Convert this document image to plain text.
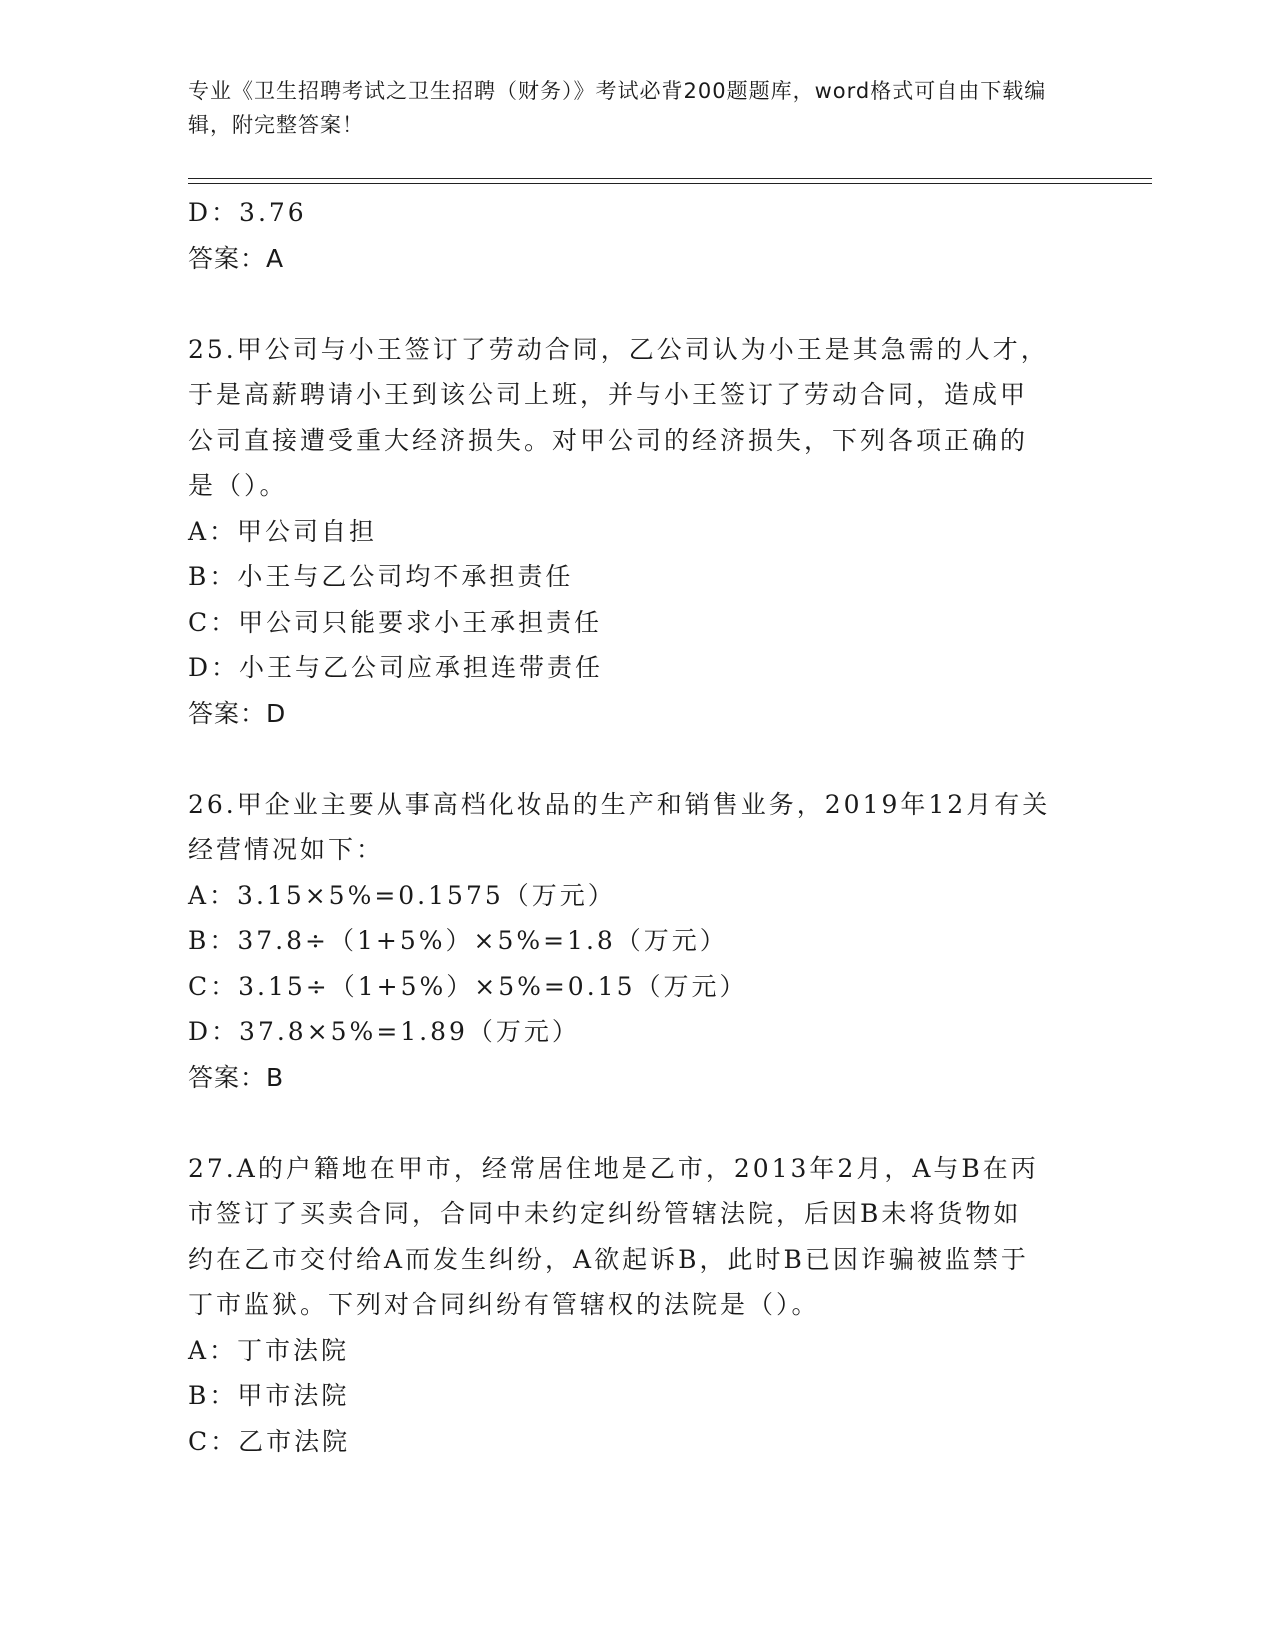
专业《卫生招聘考试之卫生招聘（财务）》考试必背200题题库，word格式可自由下载编辑，附完整答案！
D：3.76
答案：A
25.甲公司与小王签订了劳动合同，乙公司认为小王是其急需的人才，
于是高薪聘请小王到该公司上班，并与小王签订了劳动合同，造成甲
公司直接遭受重大经济损失。对甲公司的经济损失，下列各项正确的
是（）。
A：甲公司自担
B：小王与乙公司均不承担责任
C：甲公司只能要求小王承担责任
D：小王与乙公司应承担连带责任
答案：D
26.甲企业主要从事高档化妆品的生产和销售业务，2019年12月有关
经营情况如下：
A：3.15×5%=0.1575（万元）
B：37.8÷（1+5%）×5%=1.8（万元）
C：3.15÷（1+5%）×5%=0.15（万元）
D：37.8×5%=1.89（万元）
答案：B
27.A的户籍地在甲市，经常居住地是乙市，2013年2月，A与B在丙
市签订了买卖合同，合同中未约定纠纷管辖法院，后因B未将货物如
约在乙市交付给A而发生纠纷，A欲起诉B，此时B已因诈骗被监禁于
丁市监狱。下列对合同纠纷有管辖权的法院是（）。
A：丁市法院
B：甲市法院
C：乙市法院
